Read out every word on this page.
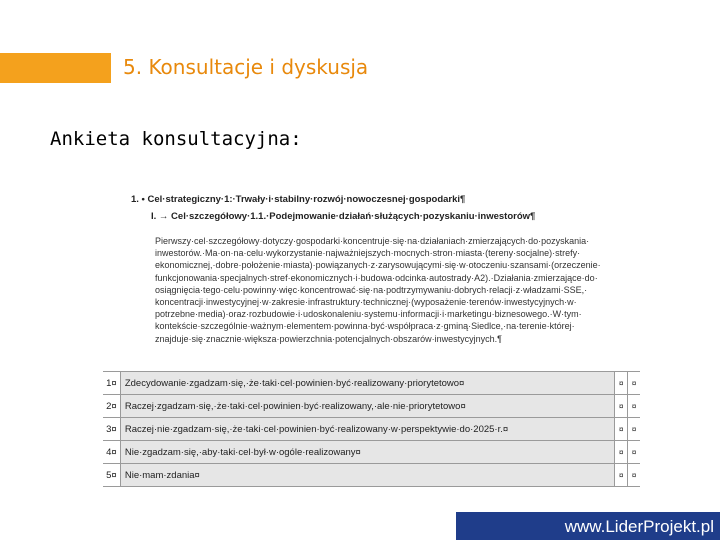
5. Konsultacje i dyskusja
Ankieta konsultacyjna:
1. • Cel·strategiczny·1:·Trwały·i·stabilny·rozwój·nowoczesnej·gospodarki¶
I. → Cel·szczegółowy·1.1.·Podejmowanie·działań·służących·pozyskaniu·inwestorów¶
Pierwszy·cel·szczegółowy·dotyczy·gospodarki·koncentruje·się·na·działaniach·zmierzających·do·pozyskania·
inwestorów.·Ma·on·na·celu·wykorzystanie·najważniejszych·mocnych·stron·miasta·(tereny·socjalne)·strefy·
ekonomicznej,·dobre·położenie·miasta)·powiązanych·z·zarysowującymi·się·w·otoczeniu·szansami·(orzeczenie·
funkcjonowania·specjalnych·stref·ekonomicznych·i·budowa·odcinka·autostrady·A2).·Działania·zmierzające·do·
osiągnięcia·tego·celu·powinny·więc·koncentrować·się·na·podtrzymywaniu·dobrych·relacji·z·władzami·SSE,·
koncentracji·inwestycyjnej·w·zakresie·infrastruktury·technicznej·(wyposażenie·terenów·inwestycyjnych·w·
potrzebne·media)·oraz·rozbudowie·i·udoskonaleniu·systemu·informacji·i·marketingu·biznesowego.·W·tym·
kontekście·szczególnie·ważnym·elementem·powinna·być·współpraca·z·gminą·Siedlce,·na·terenie·której·
znajduje·się·znacznie·większa·powierzchnia·potencjalnych·obszarów·inwestycyjnych.¶
1¤	Zdecydowanie·zgadzam·się,·że·taki·cel·powinien·być·realizowany·priorytetowo¤	¤	¤
2¤	Raczej·zgadzam·się,·że·taki·cel·powinien·być·realizowany,·ale·nie·priorytetowo¤	¤	¤
3¤	Raczej·nie·zgadzam·się,·że·taki·cel·powinien·być·realizowany·w·perspektywie·do·2025·r.¤	¤	¤
4¤	Nie·zgadzam·się,·aby·taki·cel·był·w·ogóle·realizowany¤	¤	¤
5¤	Nie·mam·zdania¤	¤	¤
www.LiderProjekt.pl
